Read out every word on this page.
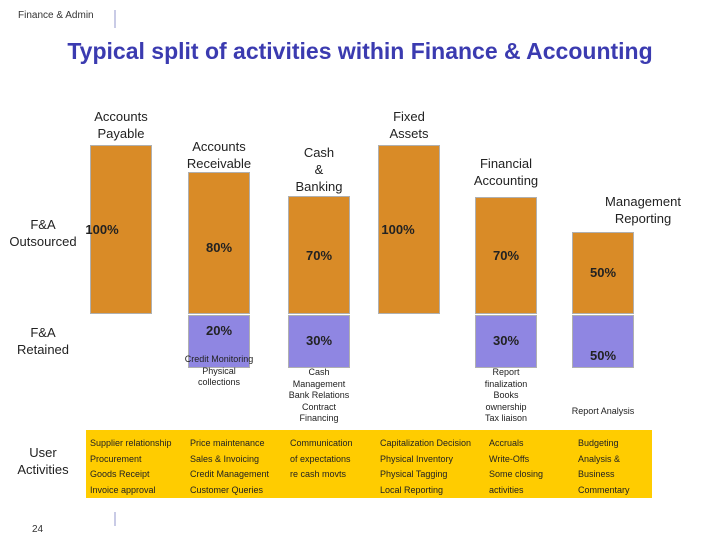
Finance & Admin
Typical split of activities within Finance & Accounting
F&A
Outsourced
F&A
Retained
User
Activities
Accounts
Payable
100%
Accounts
Receivable
80%
20%
Credit Monitoring
Physical
collections
Cash
&
Banking
70%
30%
Cash
Management
Bank Relations
Contract
Financing
Fixed
Assets
100%
Financial
Accounting
70%
30%
Report
finalization
Books
ownership
Tax liaison
Management
Reporting
50%
50%
Report Analysis
Supplier relationship
Procurement
Goods Receipt
Invoice approval
Price maintenance
Sales & Invoicing
Credit Management
Customer Queries
Communication
of expectations
re cash movts
Capitalization Decision
Physical Inventory
Physical Tagging
Local Reporting
Accruals
Write-Offs
Some closing
activities
Budgeting
Analysis &
Business
Commentary
24
